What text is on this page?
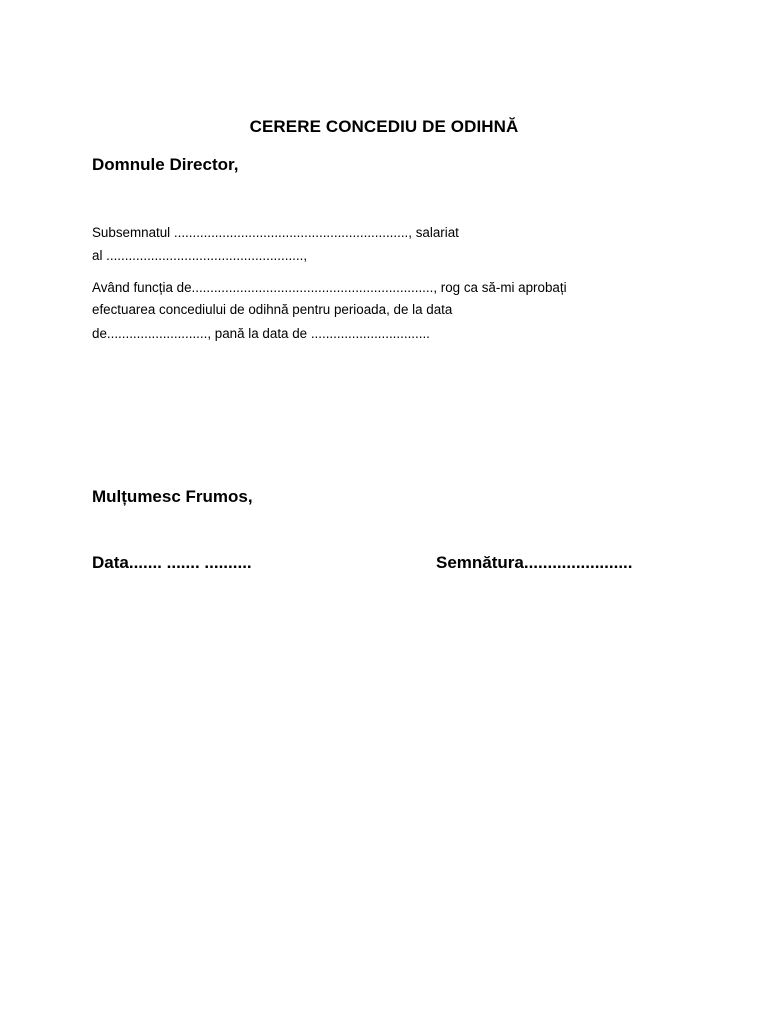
CERERE CONCEDIU DE ODIHNĂ
Domnule Director,
Subsemnatul ..............................................................., salariat
al .....................................................,
Având funcția de................................................................., rog ca să-mi aprobați
efectuarea concediului de odihnă pentru perioada, de la data
de..........................., pană la data de ................................
Mulțumesc Frumos,
Data....... ....... ..........	Semnătura.......................
